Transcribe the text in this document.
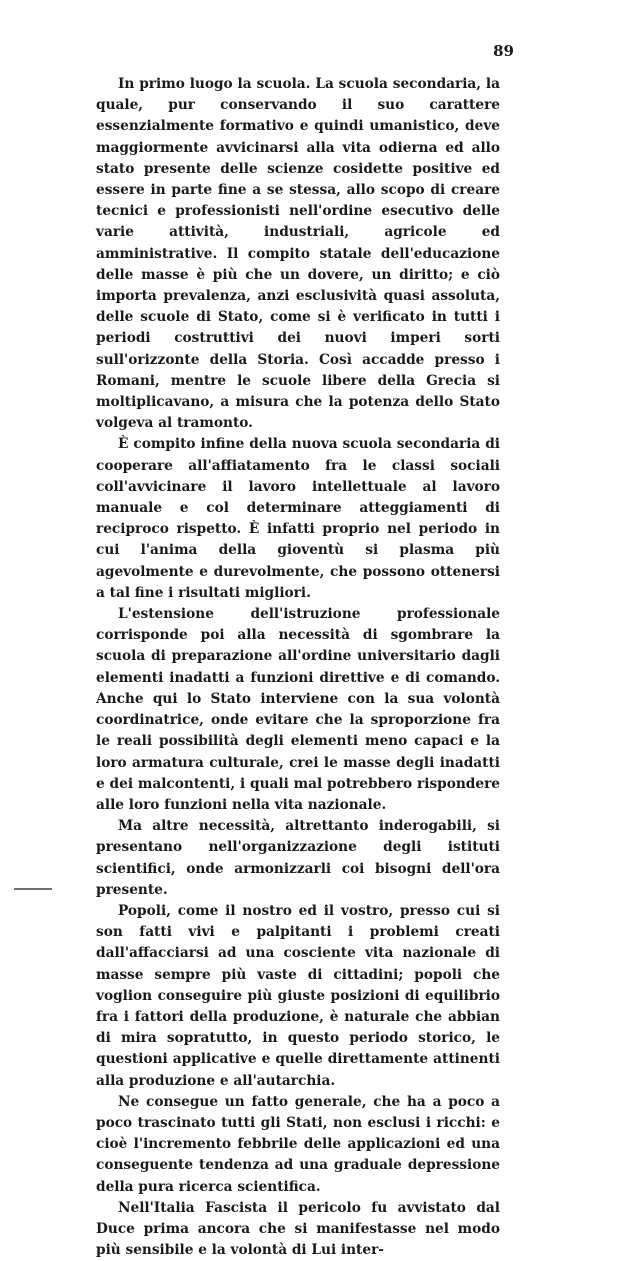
89

In primo luogo la scuola. La scuola secondaria, la quale, pur conservando il suo carattere essenzialmente formativo e quindi umanistico, deve maggiormente avvicinarsi alla vita odierna ed allo stato presente delle scienze cosidette positive ed essere in parte fine a se stessa, allo scopo di creare tecnici e professionisti nell'ordine esecutivo delle varie attività, industriali, agricole ed amministrative. Il compito statale dell'educazione delle masse è più che un dovere, un diritto; e ciò importa prevalenza, anzi esclusività quasi assoluta, delle scuole di Stato, come si è verificato in tutti i periodi costruttivi dei nuovi imperi sorti sull'orizzonte della Storia. Così accadde presso i Romani, mentre le scuole libere della Grecia si moltiplicavano, a misura che la potenza dello Stato volgeva al tramonto.

È compito infine della nuova scuola secondaria di cooperare all'affiatamento fra le classi sociali coll'avvicinare il lavoro intellettuale al lavoro manuale e col determinare atteggiamenti di reciproco rispetto. È infatti proprio nel periodo in cui l'anima della gioventù si plasma più agevolmente e durevolmente, che possono ottenersi a tal fine i risultati migliori.

L'estensione dell'istruzione professionale corrisponde poi alla necessità di sgombrare la scuola di preparazione all'ordine universitario dagli elementi inadatti a funzioni direttive e di comando. Anche qui lo Stato interviene con la sua volontà coordinatrice, onde evitare che la sproporzione fra le reali possibilità degli elementi meno capaci e la loro armatura culturale, crei le masse degli inadatti e dei malcontenti, i quali mal potrebbero rispondere alle loro funzioni nella vita nazionale.

Ma altre necessità, altrettanto inderogabili, si presentano nell'organizzazione degli istituti scientifici, onde armonizzarli coi bisogni dell'ora presente.

Popoli, come il nostro ed il vostro, presso cui si son fatti vivi e palpitanti i problemi creati dall'affacciarsi ad una cosciente vita nazionale di masse sempre più vaste di cittadini; popoli che voglion conseguire più giuste posizioni di equilibrio fra i fattori della produzione, è naturale che abbian di mira sopratutto, in questo periodo storico, le questioni applicative e quelle direttamente attinenti alla produzione e all'autarchia.

Ne consegue un fatto generale, che ha a poco a poco trascinato tutti gli Stati, non esclusi i ricchi: e cioè l'incremento febbrile delle applicazioni ed una conseguente tendenza ad una graduale depressione della pura ricerca scientifica.

Nell'Italia Fascista il pericolo fu avvistato dal Duce prima ancora che si manifestasse nel modo più sensibile e la volontà di Lui inter-
